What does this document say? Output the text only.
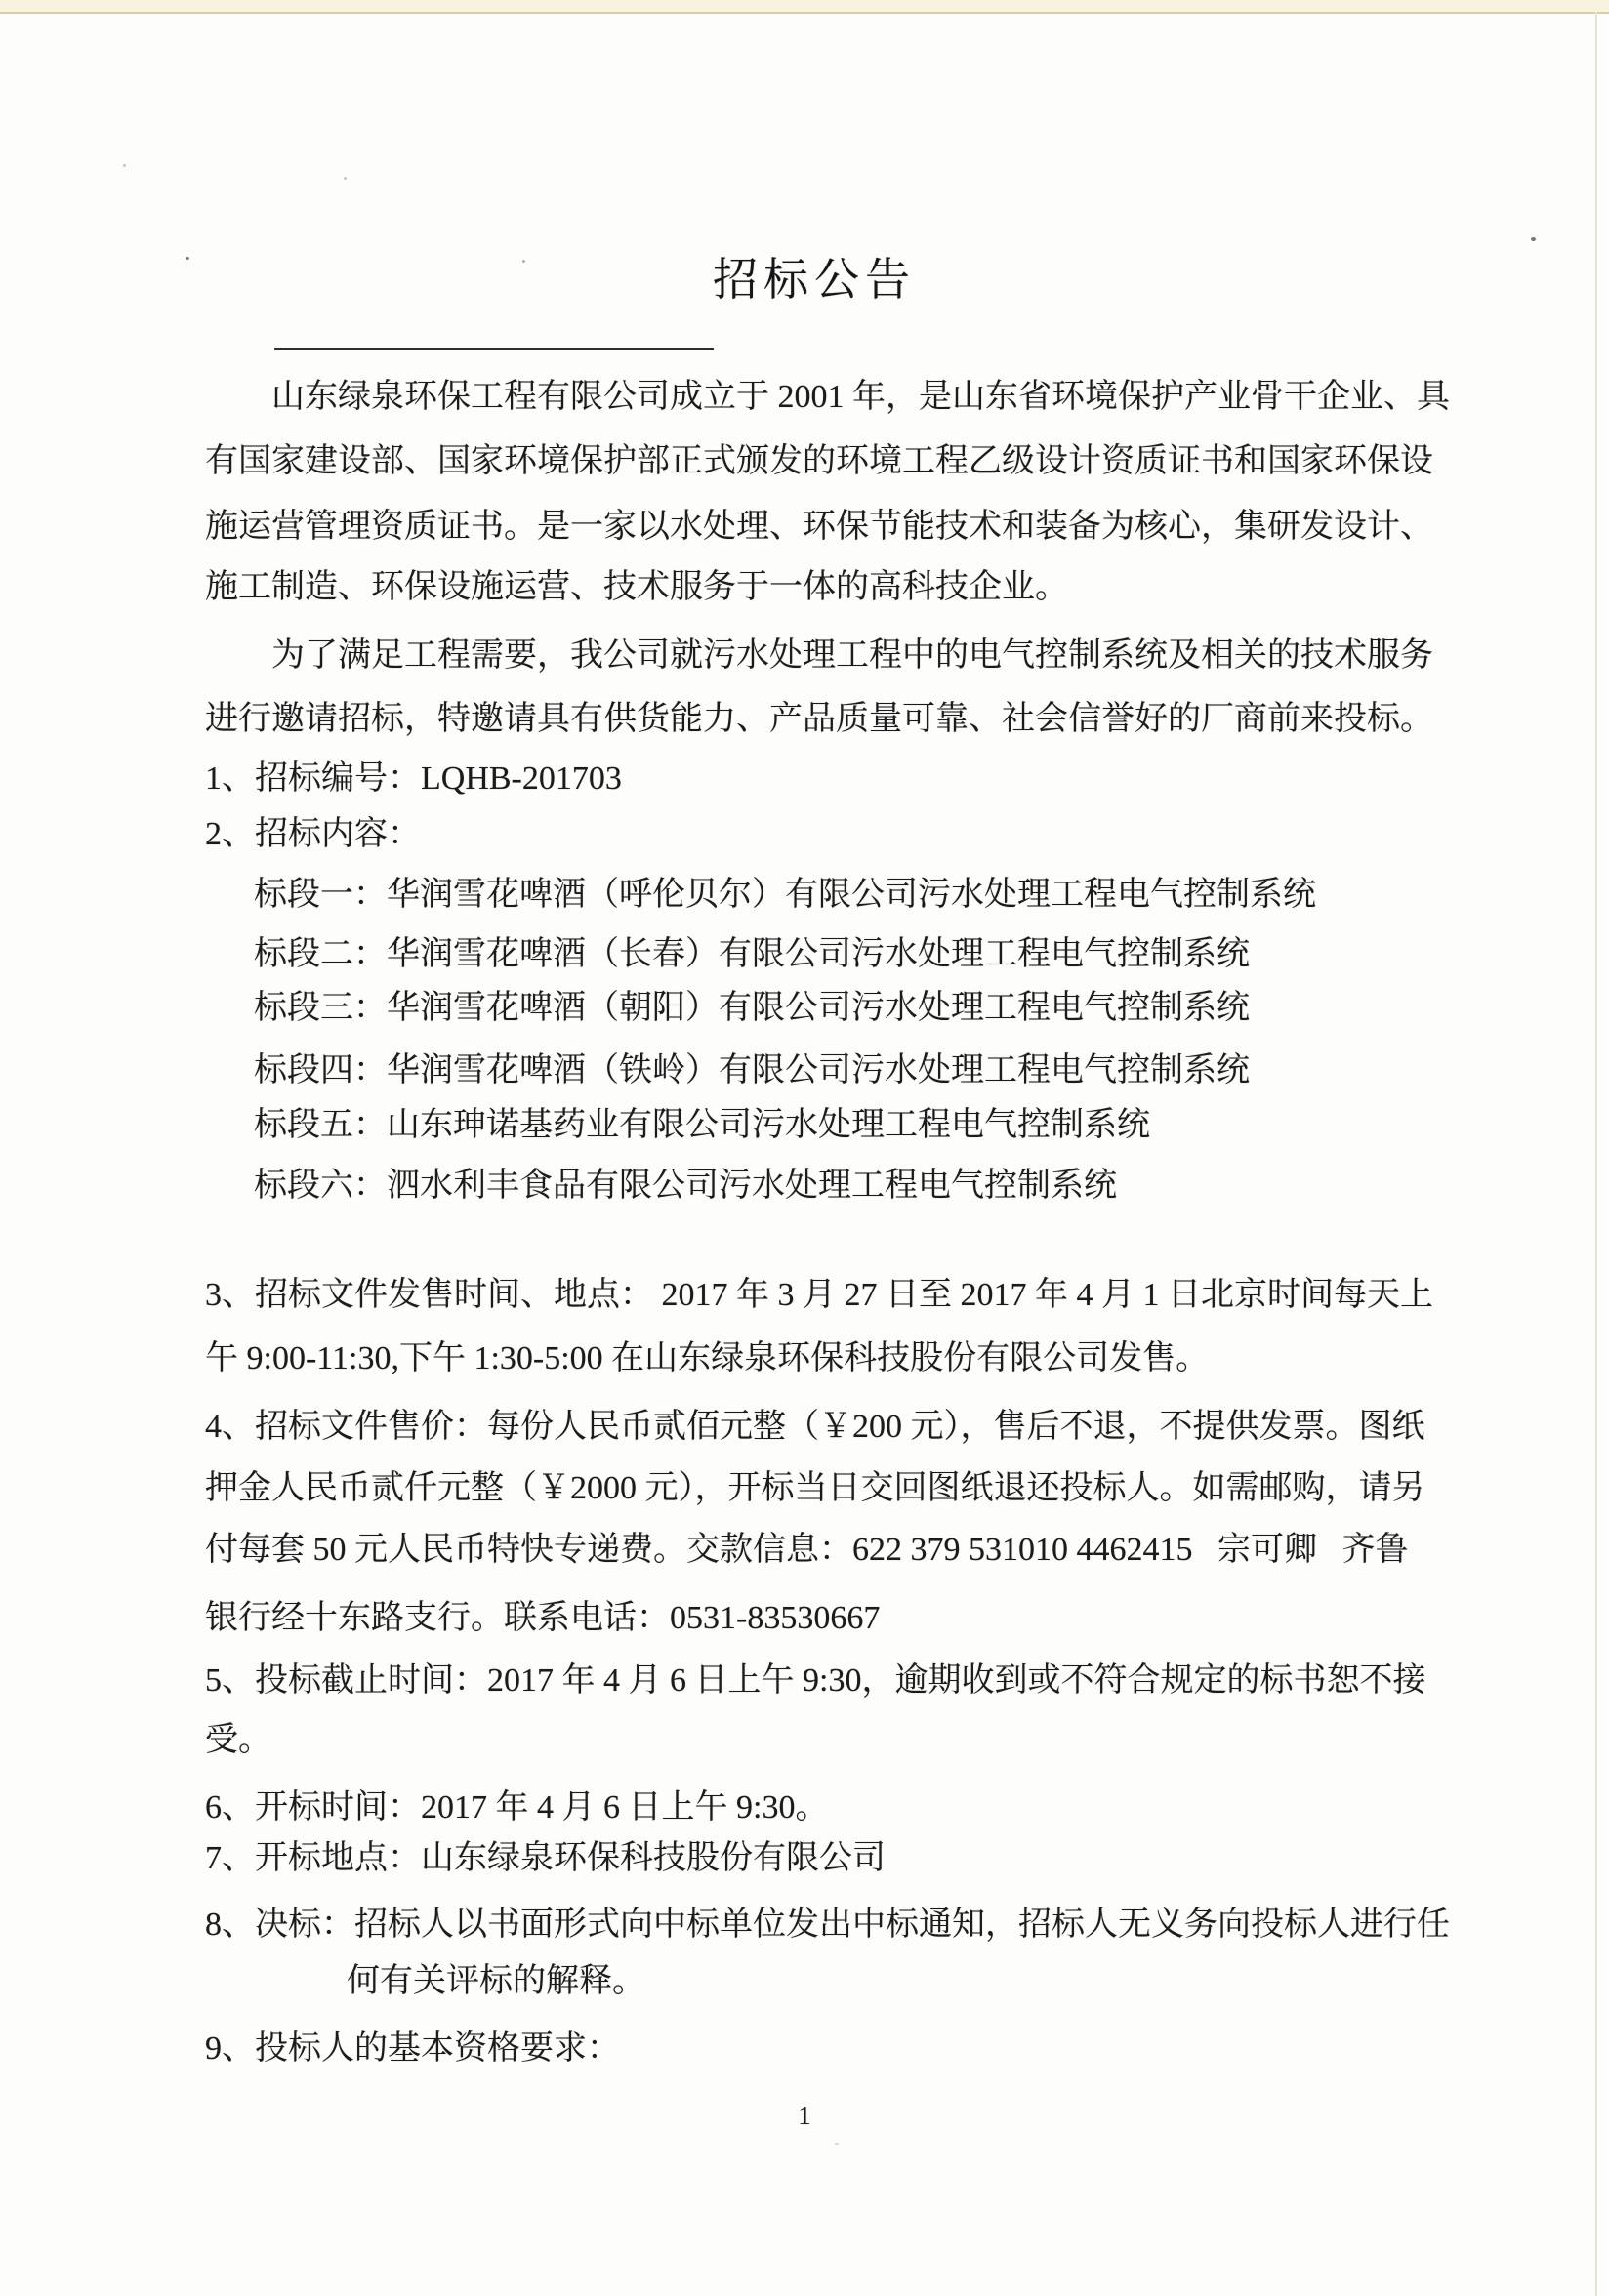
招标公告
山东绿泉环保工程有限公司成立于 2001 年，是山东省环境保护产业骨干企业、具
有国家建设部、国家环境保护部正式颁发的环境工程乙级设计资质证书和国家环保设
施运营管理资质证书。是一家以水处理、环保节能技术和装备为核心，集研发设计、
施工制造、环保设施运营、技术服务于一体的高科技企业。
为了满足工程需要，我公司就污水处理工程中的电气控制系统及相关的技术服务
进行邀请招标，特邀请具有供货能力、产品质量可靠、社会信誉好的厂商前来投标。
1、招标编号：LQHB-201703
2、招标内容：
标段一：华润雪花啤酒（呼伦贝尔）有限公司污水处理工程电气控制系统
标段二：华润雪花啤酒（长春）有限公司污水处理工程电气控制系统
标段三：华润雪花啤酒（朝阳）有限公司污水处理工程电气控制系统
标段四：华润雪花啤酒（铁岭）有限公司污水处理工程电气控制系统
标段五：山东珅诺基药业有限公司污水处理工程电气控制系统
标段六：泗水利丰食品有限公司污水处理工程电气控制系统
3、招标文件发售时间、地点： 2017 年 3 月 27 日至 2017 年 4 月 1 日北京时间每天上
午 9:00-11:30,下午 1:30-5:00 在山东绿泉环保科技股份有限公司发售。
4、招标文件售价：每份人民币贰佰元整（￥200 元），售后不退，不提供发票。图纸
押金人民币贰仟元整（￥2000 元），开标当日交回图纸退还投标人。如需邮购，请另
付每套 50 元人民币特快专递费。交款信息：622 379 531010 4462415   宗可卿   齐鲁
银行经十东路支行。联系电话：0531-83530667
5、投标截止时间：2017 年 4 月 6 日上午 9:30，逾期收到或不符合规定的标书恕不接
受。
6、开标时间：2017 年 4 月 6 日上午 9:30。
7、开标地点：山东绿泉环保科技股份有限公司
8、决标：招标人以书面形式向中标单位发出中标通知，招标人无义务向投标人进行任
何有关评标的解释。
9、投标人的基本资格要求：
1
